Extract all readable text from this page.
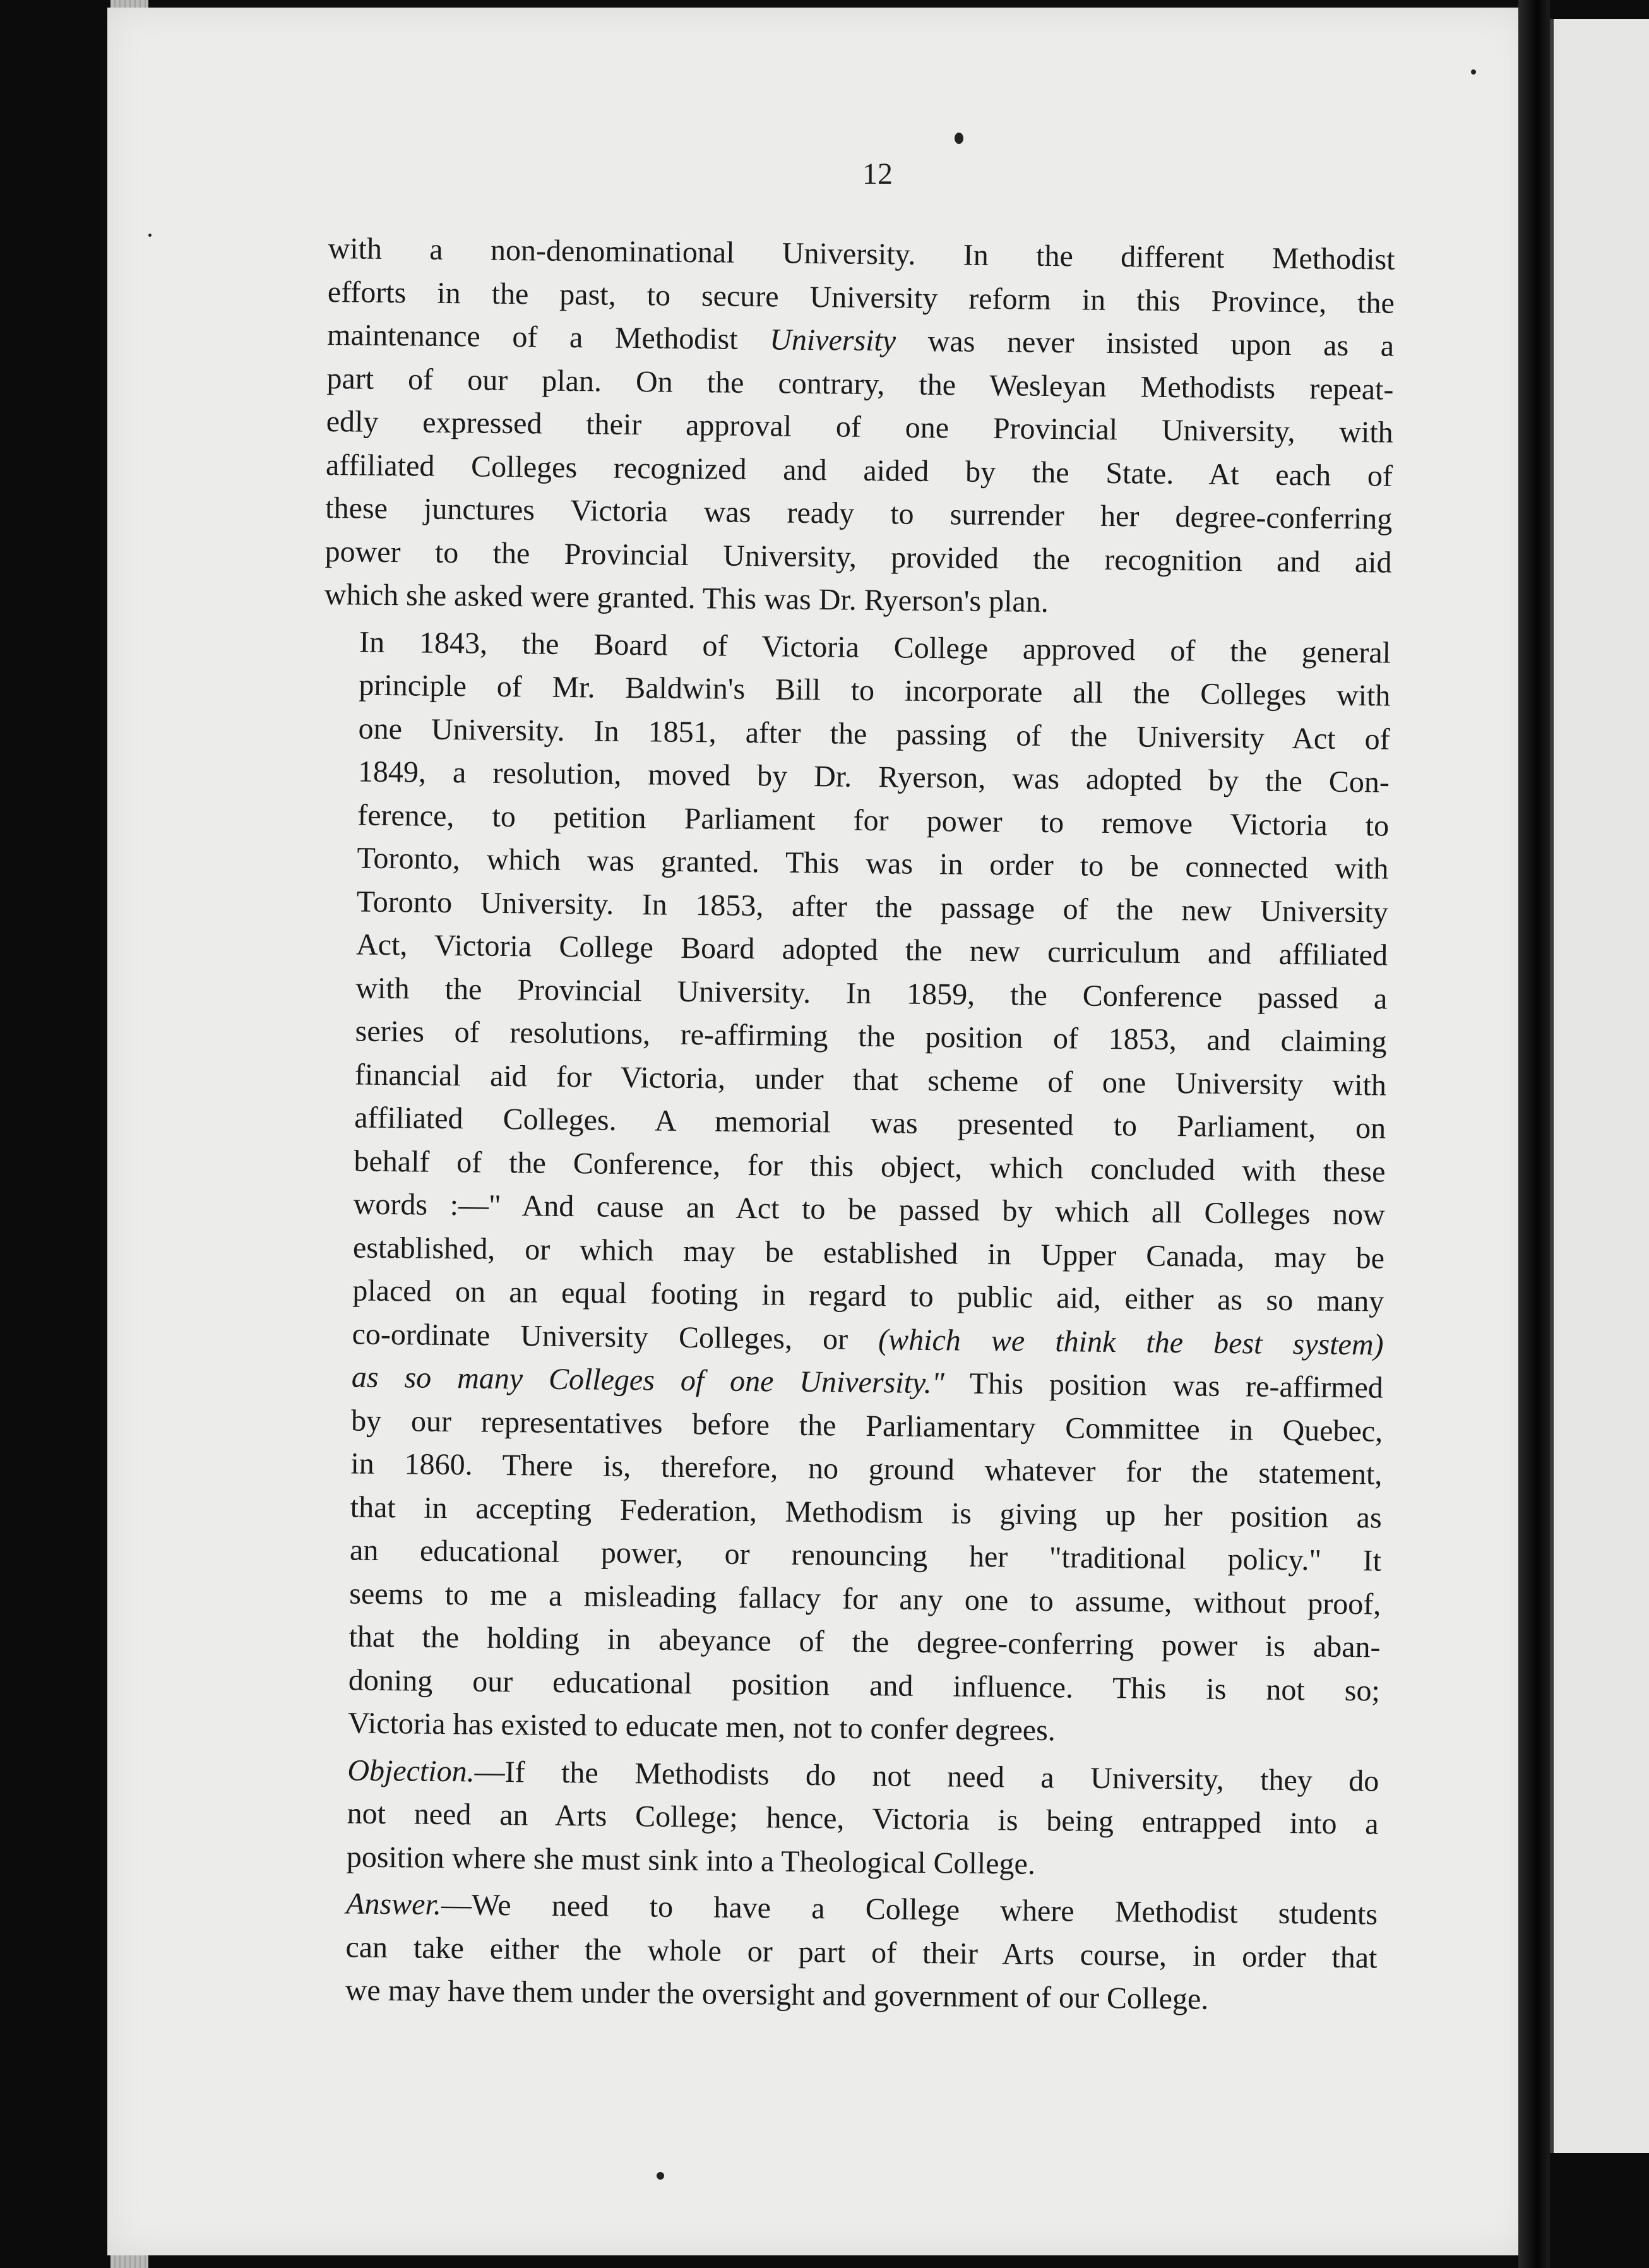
12
with a non-denominational University. In the different Methodist
efforts in the past, to secure University reform in this Province, the
maintenance of a Methodist University was never insisted upon as a
part of our plan. On the contrary, the Wesleyan Methodists repeat-
edly expressed their approval of one Provincial University, with
affiliated Colleges recognized and aided by the State. At each of
these junctures Victoria was ready to surrender her degree-conferring
power to the Provincial University, provided the recognition and aid
which she asked were granted. This was Dr. Ryerson's plan.
In 1843, the Board of Victoria College approved of the general
principle of Mr. Baldwin's Bill to incorporate all the Colleges with
one University. In 1851, after the passing of the University Act of
1849, a resolution, moved by Dr. Ryerson, was adopted by the Con-
ference, to petition Parliament for power to remove Victoria to
Toronto, which was granted. This was in order to be connected with
Toronto University. In 1853, after the passage of the new University
Act, Victoria College Board adopted the new curriculum and affiliated
with the Provincial University. In 1859, the Conference passed a
series of resolutions, re-affirming the position of 1853, and claiming
financial aid for Victoria, under that scheme of one University with
affiliated Colleges. A memorial was presented to Parliament, on
behalf of the Conference, for this object, which concluded with these
words :—" And cause an Act to be passed by which all Colleges now
established, or which may be established in Upper Canada, may be
placed on an equal footing in regard to public aid, either as so many
co-ordinate University Colleges, or (which we think the best system)
as so many Colleges of one University." This position was re-affirmed
by our representatives before the Parliamentary Committee in Quebec,
in 1860. There is, therefore, no ground whatever for the statement,
that in accepting Federation, Methodism is giving up her position as
an educational power, or renouncing her "traditional policy." It
seems to me a misleading fallacy for any one to assume, without proof,
that the holding in abeyance of the degree-conferring power is aban-
doning our educational position and influence. This is not so;
Victoria has existed to educate men, not to confer degrees.
Objection.—If the Methodists do not need a University, they do
not need an Arts College; hence, Victoria is being entrapped into a
position where she must sink into a Theological College.
Answer.—We need to have a College where Methodist students
can take either the whole or part of their Arts course, in order that
we may have them under the oversight and government of our College.
